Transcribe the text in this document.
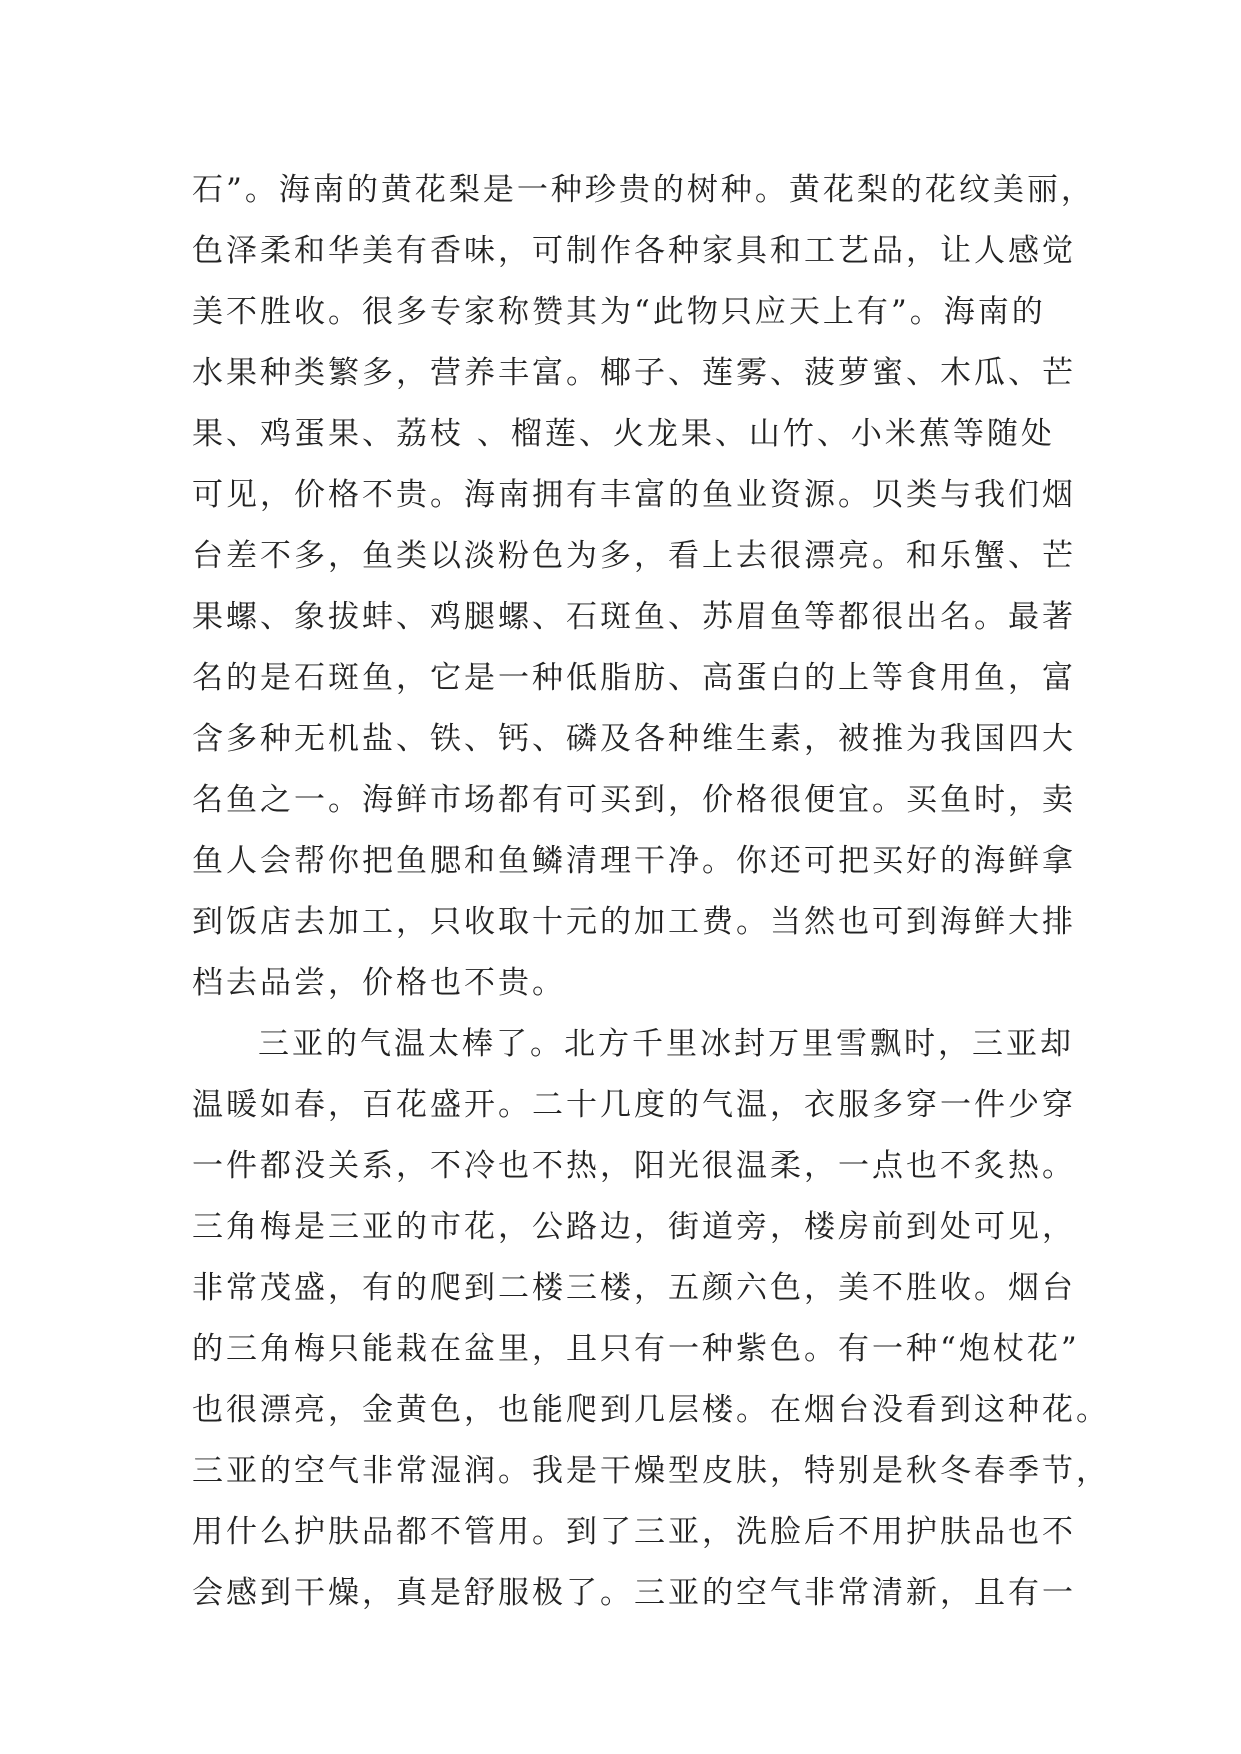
石”。海南的黄花梨是一种珍贵的树种。黄花梨的花纹美丽，
色泽柔和华美有香味，可制作各种家具和工艺品，让人感觉
美不胜收。很多专家称赞其为“此物只应天上有”。海南的
水果种类繁多，营养丰富。椰子、莲雾、菠萝蜜、木瓜、芒
果、鸡蛋果、荔枝 、榴莲、火龙果、山竹、小米蕉等随处
可见，价格不贵。海南拥有丰富的鱼业资源。贝类与我们烟
台差不多，鱼类以淡粉色为多，看上去很漂亮。和乐蟹、芒
果螺、象拔蚌、鸡腿螺、石斑鱼、苏眉鱼等都很出名。最著
名的是石斑鱼，它是一种低脂肪、高蛋白的上等食用鱼，富
含多种无机盐、铁、钙、磷及各种维生素，被推为我国四大
名鱼之一。海鲜市场都有可买到，价格很便宜。买鱼时，卖
鱼人会帮你把鱼腮和鱼鳞清理干净。你还可把买好的海鲜拿
到饭店去加工，只收取十元的加工费。当然也可到海鲜大排
档去品尝，价格也不贵。
三亚的气温太棒了。北方千里冰封万里雪飘时，三亚却
温暖如春，百花盛开。二十几度的气温，衣服多穿一件少穿
一件都没关系，不冷也不热，阳光很温柔，一点也不炙热。
三角梅是三亚的市花，公路边，街道旁，楼房前到处可见，
非常茂盛，有的爬到二楼三楼，五颜六色，美不胜收。烟台
的三角梅只能栽在盆里，且只有一种紫色。有一种“炮杖花”
也很漂亮，金黄色，也能爬到几层楼。在烟台没看到这种花。
三亚的空气非常湿润。我是干燥型皮肤，特别是秋冬春季节，
用什么护肤品都不管用。到了三亚，洗脸后不用护肤品也不
会感到干燥，真是舒服极了。三亚的空气非常清新，且有一
